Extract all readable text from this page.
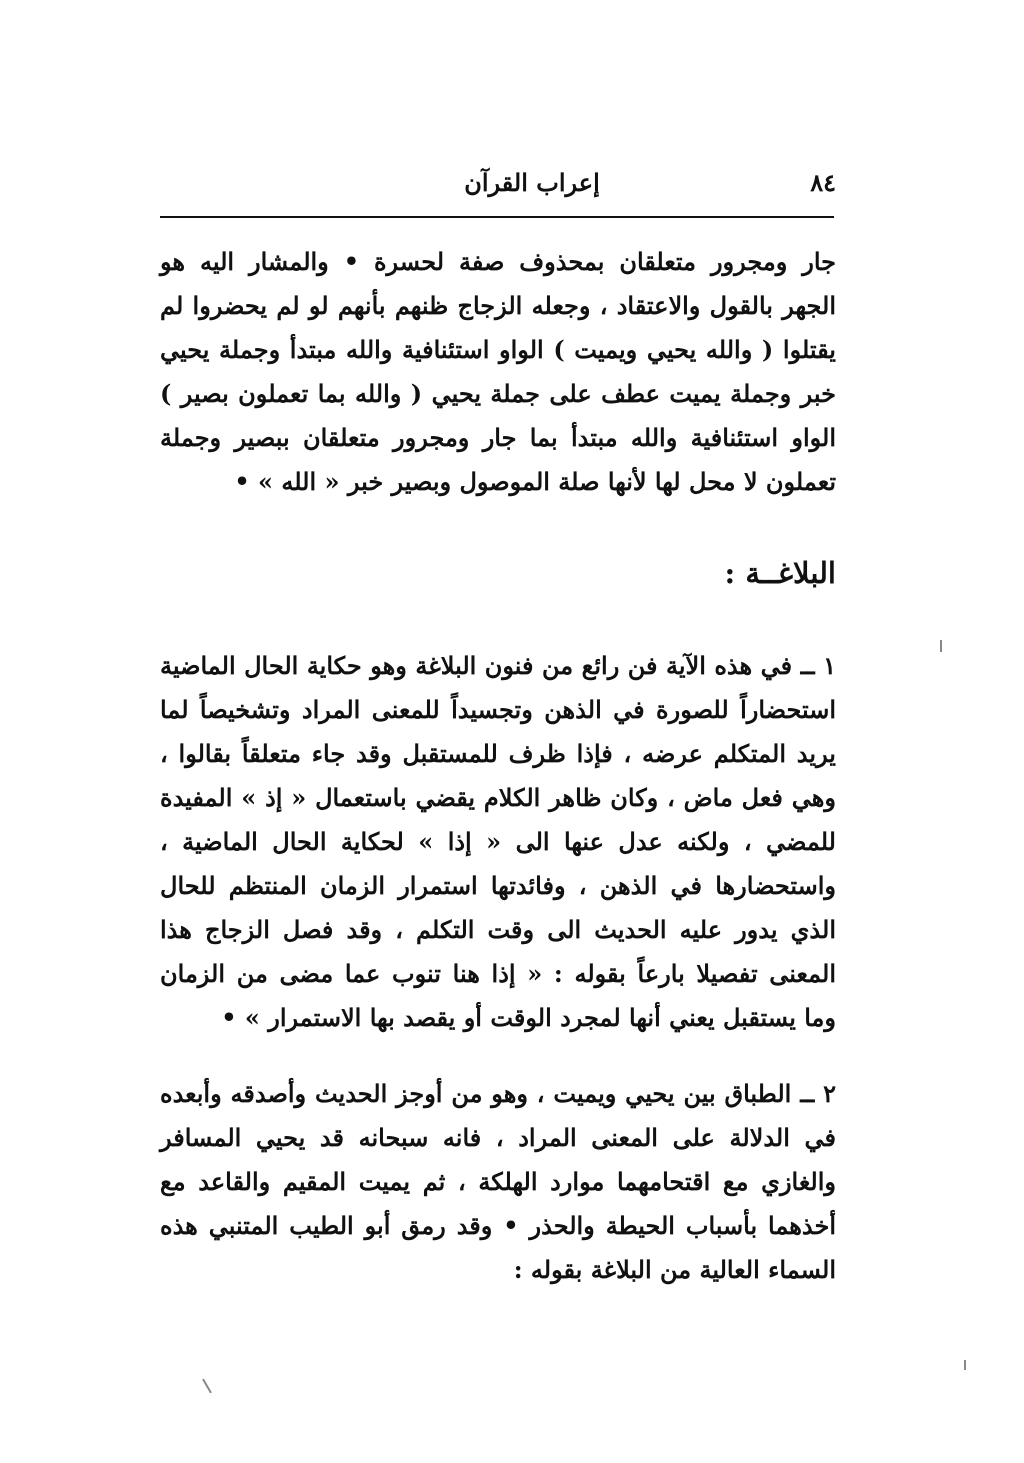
٨٤
إعراب القرآن

جار ومجرور متعلقان بمحذوف صفة لحسرة • والمشار اليه هو الجهر بالقول والاعتقاد ، وجعله الزجاج ظنهم بأنهم لو لم يحضروا لم يقتلوا ( والله يحيي ويميت ) الواو استئنافية والله مبتدأ وجملة يحيي خبر وجملة يميت عطف على جملة يحيي ( والله بما تعملون بصير ) الواو استئنافية والله مبتدأ بما جار ومجرور متعلقان ببصير وجملة تعملون لا محل لها لأنها صلة الموصول وبصير خبر « الله » •

البلاغــة :

١ ــ في هذه الآية فن رائع من فنون البلاغة وهو حكاية الحال الماضية استحضاراً للصورة في الذهن وتجسيداً للمعنى المراد وتشخيصاً لما يريد المتكلم عرضه ، فإذا ظرف للمستقبل وقد جاء متعلقاً بقالوا ، وهي فعل ماض ، وكان ظاهر الكلام يقضي باستعمال « إذ » المفيدة للمضي ، ولكنه عدل عنها الى « إذا » لحكاية الحال الماضية ، واستحضارها في الذهن ، وفائدتها استمرار الزمان المنتظم للحال الذي يدور عليه الحديث الى وقت التكلم ، وقد فصل الزجاج هذا المعنى تفصيلا بارعاً بقوله : « إذا هنا تنوب عما مضى من الزمان وما يستقبل يعني أنها لمجرد الوقت أو يقصد بها الاستمرار » •

٢ ــ الطباق بين يحيي ويميت ، وهو من أوجز الحديث وأصدقه وأبعده في الدلالة على المعنى المراد ، فانه سبحانه قد يحيي المسافر والغازي مع اقتحامهما موارد الهلكة ، ثم يميت المقيم والقاعد مع أخذهما بأسباب الحيطة والحذر • وقد رمق أبو الطيب المتنبي هذه السماء العالية من البلاغة بقوله :
